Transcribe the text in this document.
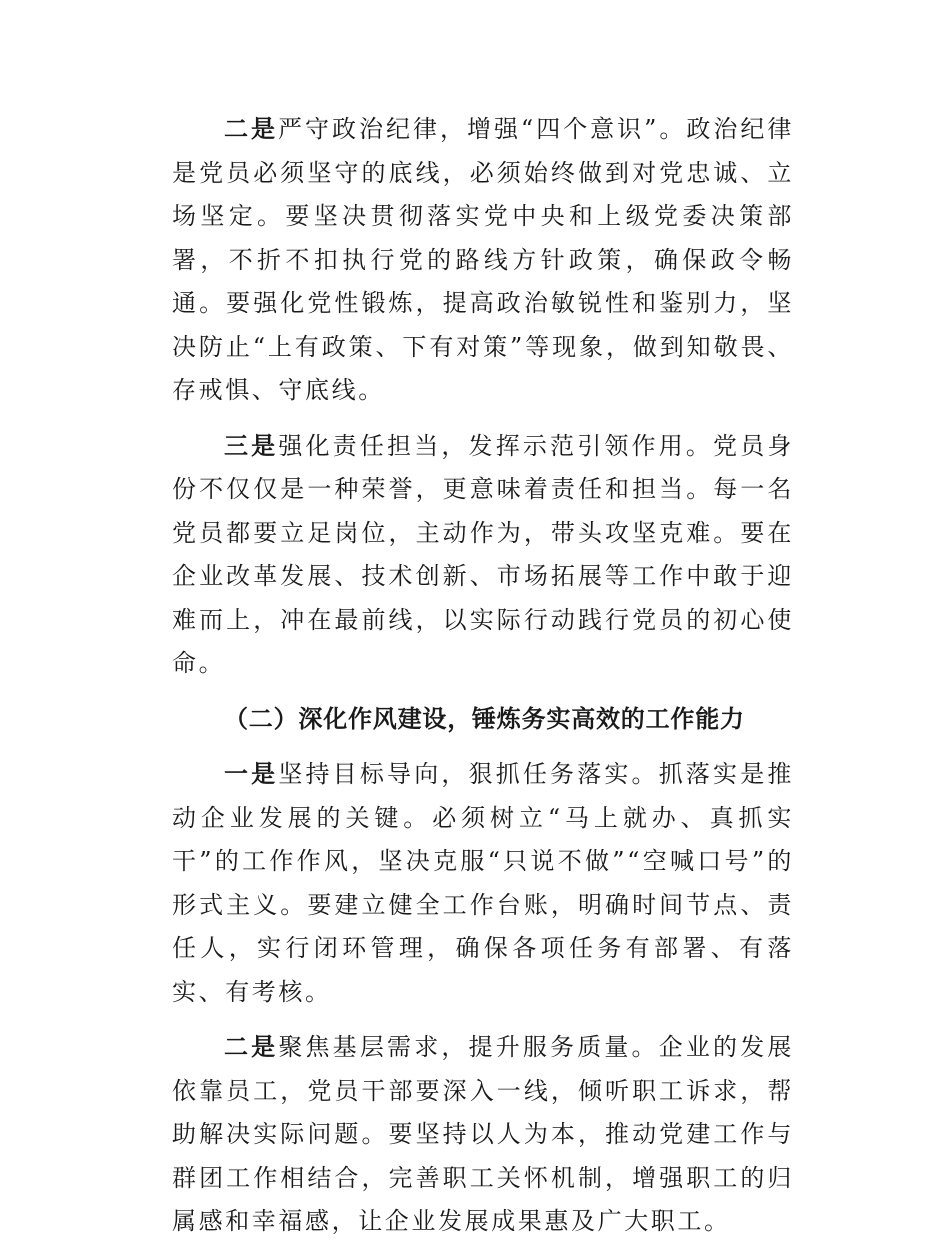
二是严守政治纪律，增强“四个意识”。政治纪律是党员必须坚守的底线，必须始终做到对党忠诚、立场坚定。要坚决贯彻落实党中央和上级党委决策部署，不折不扣执行党的路线方针政策，确保政令畅通。要强化党性锻炼，提高政治敏锐性和鉴别力，坚决防止“上有政策、下有对策”等现象，做到知敬畏、存戒惧、守底线。

三是强化责任担当，发挥示范引领作用。党员身份不仅仅是一种荣誉，更意味着责任和担当。每一名党员都要立足岗位，主动作为，带头攻坚克难。要在企业改革发展、技术创新、市场拓展等工作中敢于迎难而上，冲在最前线，以实际行动践行党员的初心使命。

（二）深化作风建设，锤炼务实高效的工作能力

一是坚持目标导向，狠抓任务落实。抓落实是推动企业发展的关键。必须树立“马上就办、真抓实干”的工作作风，坚决克服“只说不做”“空喊口号”的形式主义。要建立健全工作台账，明确时间节点、责任人，实行闭环管理，确保各项任务有部署、有落实、有考核。

二是聚焦基层需求，提升服务质量。企业的发展依靠员工，党员干部要深入一线，倾听职工诉求，帮助解决实际问题。要坚持以人为本，推动党建工作与群团工作相结合，完善职工关怀机制，增强职工的归属感和幸福感，让企业发展成果惠及广大职工。
